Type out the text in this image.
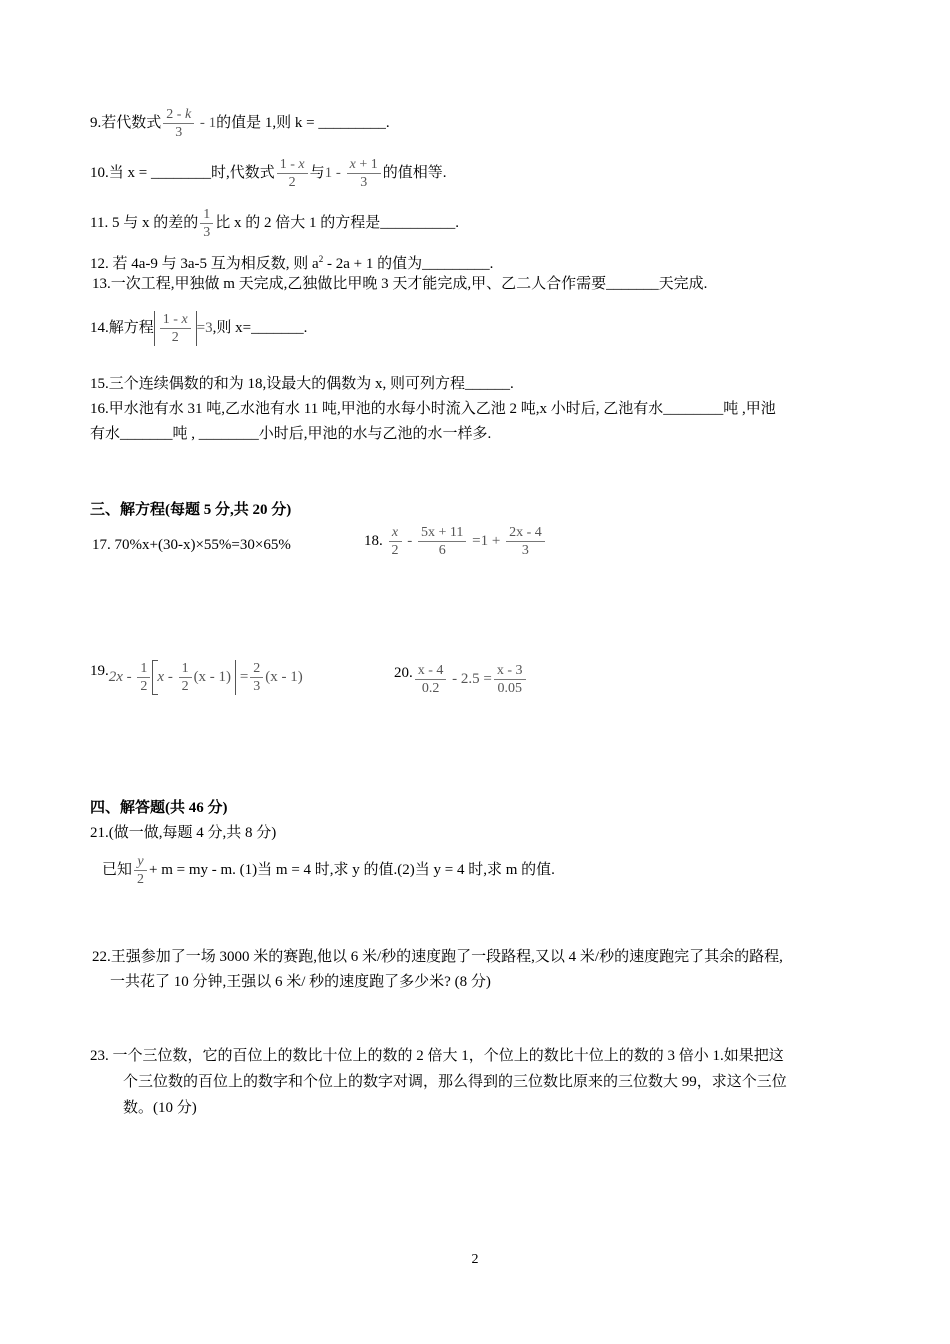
9.若代数式 $\frac{2 - k}{3} - 1$的值是 1,则 k = _________.
10.当 x = ________时,代数式 $\frac{1 - x}{2}$ 与$1 - \frac{x + 1}{3}$ 的值相等.
11. 5 与 x 的差的 $\frac{1}{3}$ 比 x 的 2 倍大 1 的方程是__________.
12. 若 4a-9 与 3a-5 互为相反数, 则 $a^2 - 2a + 1$ 的值为_________.
13.一次工程,甲独做 m 天完成,乙独做比甲晚 3 天才能完成,甲、乙二人合作需要_______天完成.
14.解方程 $\frac{1 - x}{2} =3$,则 x=_______.
15.三个连续偶数的和为 18,设最大的偶数为 x, 则可列方程______.
16.甲水池有水 31 吨,乙水池有水 11 吨,甲池的水每小时流入乙池 2 吨,x 小时后, 乙池有水________吨 ,甲池
有水_______吨 , ________小时后,甲池的水与乙池的水一样多.
三、解方程(每题 5 分,共 20 分)
17. 70%x+(30-x)×55%=30×65%	18. $\frac{x}{2} - \frac{5x + 11}{6} =1 + \frac{2x - 4}{3}$
$19.2x - \frac{1}{2}$ $x - \frac{1}{2} (x - 1) = \frac{2}{3} (x - 1)$	20. $\frac{x - 4}{0.2} - 2.5 = \frac{x - 3}{0.05}$
四、解答题(共 46 分)
21.(做一做,每题 4 分,共 8 分)
已知 $\frac{y}{2} + m$ = my - m. (1)当 m = 4 时,求 y 的值.(2)当 y = 4 时,求 m 的值.
22.王强参加了一场 3000 米的赛跑,他以 6 米/秒的速度跑了一段路程,又以 4 米/秒的速度跑完了其余的路程,
一共花了 10 分钟,王强以 6 米/ 秒的速度跑了多少米? (8 分)
23. 一个三位数，它的百位上的数比十位上的数的 2 倍大 1，个位上的数比十位上的数的 3 倍小 1.如果把这
个三位数的百位上的数字和个位上的数字对调，那么得到的三位数比原来的三位数大 99，求这个三位
数。(10 分)
2
